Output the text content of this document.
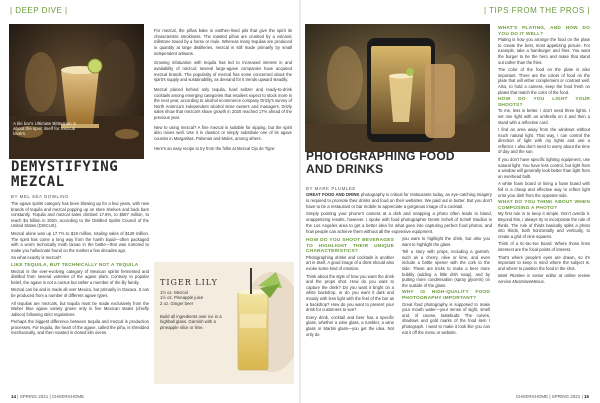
| DEEP DIVE |	| TIPS FROM THE PROS |
A tiki bar's Ultimate Bitterman is about the spirit itself for mezcal lovers.
DEMYSTIFYING
MEZCAL
BY MEL SEA DOWLING

The agave spirits category has been blowing up for a few years, with new brands of tequila and mezcal popping up on store shelves and back bars constantly. Tequila and mezcal sales climbed 17.6%, to $587 million, to reach $4 billion in 2020, according to the Distilled Spirits Council of the United States (DISCUS).

Mezcal alone was up 17.7% to $19 million, totaling sales of $128 million. The spirit has come a long way from the harsh liquid—often packaged with a worm technically moth larvae in the bottle—that was rumored to make you hallucinate found on the market a few decades ago.

So what exactly is mezcal?

LIKE TEQUILA, BUT TECHNICALLY NOT A TEQUILA

Mezcal is the ever-evolving category of Mexican spirits fermented and distilled from several varieties of the agave plant. Contrary to popular belief, the agave is not a cactus but rather a member of the lily family.

Mezcal can be and is made all over Mexico, but primarily in Oaxaca. It can be produced from a number of different agave types.

All tequilas are mezcals, but tequila must be made exclusively from the Weber blue agave variety grown only in five Mexican states (chiefly Jalisco) following strict regulations.

Perhaps the biggest difference between tequila and mezcal is production processes. For tequila, the heart of the agave, called the piña, is shredded mechanically, and then roasted in closed kiln ovens.

For mezcal, the piñas bake in earthen-lined pits that give the spirit its characteristic smokiness. The roasted piñas are crushed by a volcanic millstone towed by a horse or mule. Whereas many tequilas are produced in quantity at large distilleries, mezcal is still made primarily by small independent artisans.

Growing infatuation with tequila has led to increased interest in and availability of mezcal; several large-agave companies have acquired mezcal brands. The popularity of mezcal has some concerned about the spirit's supply and sustainability, as demand for it trends upward steadily.

Mezcal placed behind only tequila, hard seltzer and ready-to-drink cocktails among emerging categories that retailers expect to stock more in the next year, according to alcohol ecommerce company Drizly's survey of North America's independent alcohol store owners and managers. Drizly sales show that mezcal's share growth in 2020 reached 17% ahead of the previous year.

New to using mezcal? A fine mezcal is suitable for sipping, but the spirit also mixes well. Use it in classics or simply substitute one of its agave cousins in Margaritas, Palomas and Mules, among others.

Here's an easy recipe to try from the folks at Mezcal Ojo de Tigre:

TIGER LILY
1½ oz. Mezcal
1½ oz. Pineapple juice
2 oz. Ginger beer
Build all ingredients over ice in a highball glass. Garnish with a pineapple slice or lime.
14 | SPRING 2021 | CHEERSHOME
PHOTOGRAPHING FOOD
AND DRINKS
BY MARK PLUMLEE

GREAT FOOD AND DRINK photography is critical for restaurants today, as eye-catching imagery is required to promote their drinks and food on their websites. We paid out in butter. But you don't have to be a restaurant or bar mobile to appreciate a gorgeous image of a cocktail.

Simply pointing your phone's camera at a dish and snapping a photo often leads to bland, unappetizing results, however. I spoke with food photographer Derek Schell of Schell Studios in the Los Angeles area to get a better idea for what goes into capturing perfect food photos, and how people can achieve them without all the expensive equipment.

HOW DO YOU SHOOT BEVERAGES TO HIGHLIGHT THEIR UNIQUE CHARACTERISTICS?

Photographing drinks and cocktails is another art in itself. A good image of a drink should also evoke some kind of emotion.

Think about the style of how you want the drink and the props shot. How do you want to capture the drink? Do you want it bright on a white backdrop, or do you want it dark and moody with less light with the feel of the bar as a backdrop? How do you want to present your drink for customers to see?

Every drink, cocktail and beer has a specific glass, whether a wine glass, a tumbler, a wine glass or Martini glass—you get the idea. Not only do

you want to highlight the drink, but also you want to highlight the glass.

Tell a story with props, including a garnish, such as a cherry, olive or lime, and even include a bottle opener with the cork to the side. These are tricks to make a beer more bubbly (adding a little dish soap), and by putting more condensation (spray glycerin) on the outside of the glass.

WHY IS HIGH-QUALITY FOOD PHOTOGRAPHY IMPORTANT?

Great food photography is supposed to make your mouth water—your sense of sight, smell and, of course, tastebuds. The curves, shadows and gold marks of the food item I photograph. I want to make it look like you can eat it off the menu or website.

WHAT'S PLATING, AND HOW DO YOU DO IT WELL?

Plating is how you arrange the food on the plate to create the best, most appetizing picture. For example, take a hamburger and fries. You want the burger to be the hero and make that stand out rather than the fries.

The color of the food on the plate is also important. There are the colors of food on the plate that will either complement or contrast well. Also, to hold a camera, keep the food fresh on plates that match the color of the food.

HOW DO YOU LIGHT YOUR SHOOTS?

To me, less is better. I don't need three lights. I set one light with an umbrella on it and then a stand with a reflective card.

I find an area away from the windows without much natural light. That way, I can control the direction of light with my lights and use a reflector. I also don't need to worry about the time of day and the sun.

If you don't have specific lighting equipment, use natural light. You have less control, but light from a window will generally look better than light from an overhead bulb.

A white foam board or lining a foam board with foil is a cheap and effective way to reflect light onto your dish from the opposite side.

WHAT DO YOU THINK ABOUT WHEN COMPOSING A PHOTO?

My first rule is to keep it simple. Don't overdo it. Beyond this, I always try to incorporate the rule of thirds. The rule of thirds basically splits a photo into thirds, both horizontally and vertically, to create a grid of nine squares.

Think of a tic-tac-toe board. Where those lines intersect are the focal points of interest.

That's where people's eyes are drawn, so it's important to keep in mind where the subject is, and where to position the food in the shot.

Mark Plumlee is senior editor at online review service MustHaveMenus.

CHEERSHOME | SPRING 2021 | 15
